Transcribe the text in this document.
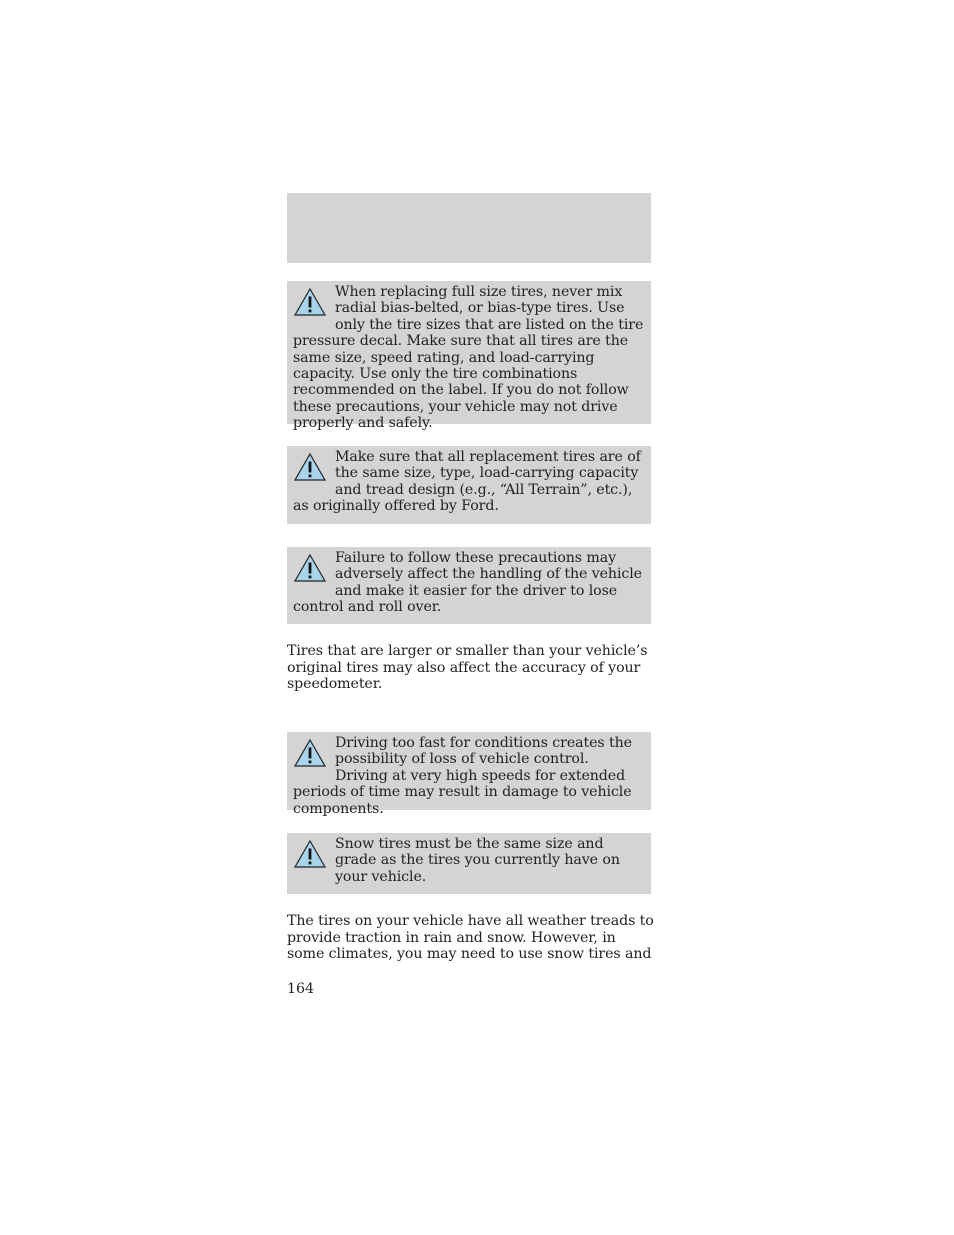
When replacing full size tires, never mix radial bias-belted, or bias-type tires. Use only the tire sizes that are listed on the tire pressure decal. Make sure that all tires are the same size, speed rating, and load-carrying capacity. Use only the tire combinations recommended on the label. If you do not follow these precautions, your vehicle may not drive properly and safely.
Make sure that all replacement tires are of the same size, type, load-carrying capacity and tread design (e.g., “All Terrain”, etc.), as originally offered by Ford.
Failure to follow these precautions may adversely affect the handling of the vehicle and make it easier for the driver to lose control and roll over.

Tires that are larger or smaller than your vehicle’s original tires may also affect the accuracy of your speedometer.

Driving too fast for conditions creates the possibility of loss of vehicle control. Driving at very high speeds for extended periods of time may result in damage to vehicle components.
Snow tires must be the same size and grade as the tires you currently have on your vehicle.

The tires on your vehicle have all weather treads to provide traction in rain and snow. However, in some climates, you may need to use snow tires and

164
